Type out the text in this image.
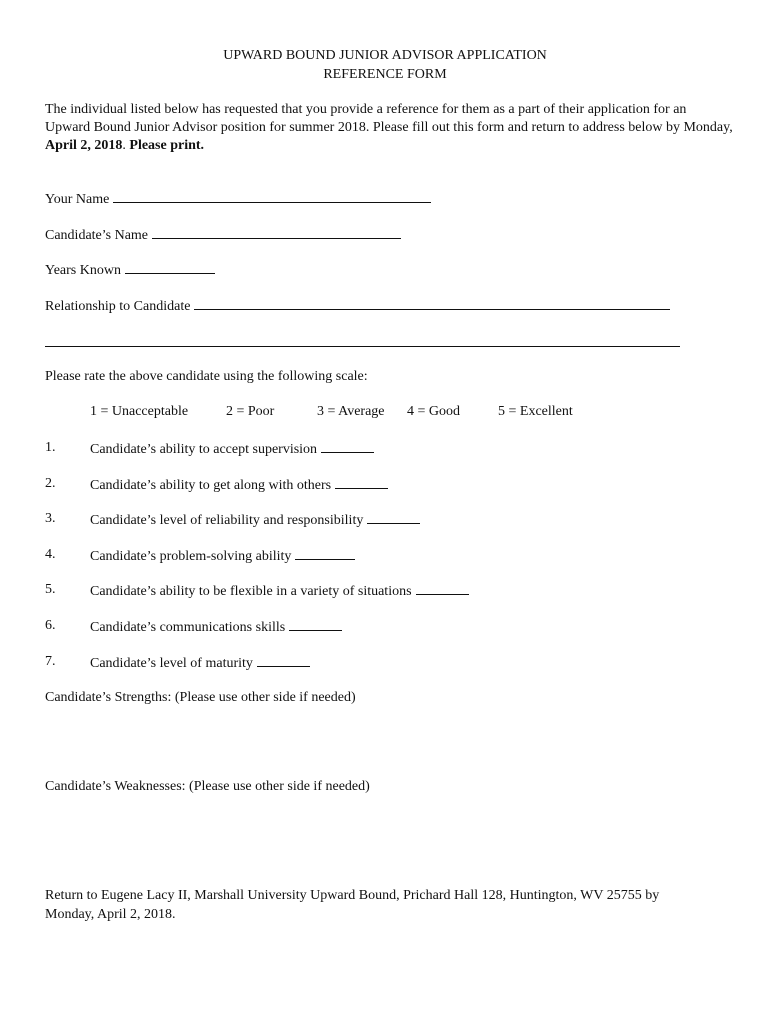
UPWARD BOUND JUNIOR ADVISOR APPLICATION
REFERENCE FORM
The individual listed below has requested that you provide a reference for them as a part of their application for an Upward Bound Junior Advisor position for summer 2018. Please fill out this form and return to address below by Monday, April 2, 2018. Please print.
Your Name
Candidate’s Name
Years Known
Relationship to Candidate
Please rate the above candidate using the following scale:
1 = Unacceptable	2 = Poor	3 = Average 4 = Good	5 = Excellent
1. Candidate’s ability to accept supervision
2. Candidate’s ability to get along with others
3. Candidate’s level of reliability and responsibility
4. Candidate’s problem-solving ability
5. Candidate’s ability to be flexible in a variety of situations
6. Candidate’s communications skills
7. Candidate’s level of maturity
Candidate’s Strengths: (Please use other side if needed)
Candidate’s Weaknesses: (Please use other side if needed)
Return to Eugene Lacy II, Marshall University Upward Bound, Prichard Hall 128, Huntington, WV 25755 by
Monday, April 2, 2018.
